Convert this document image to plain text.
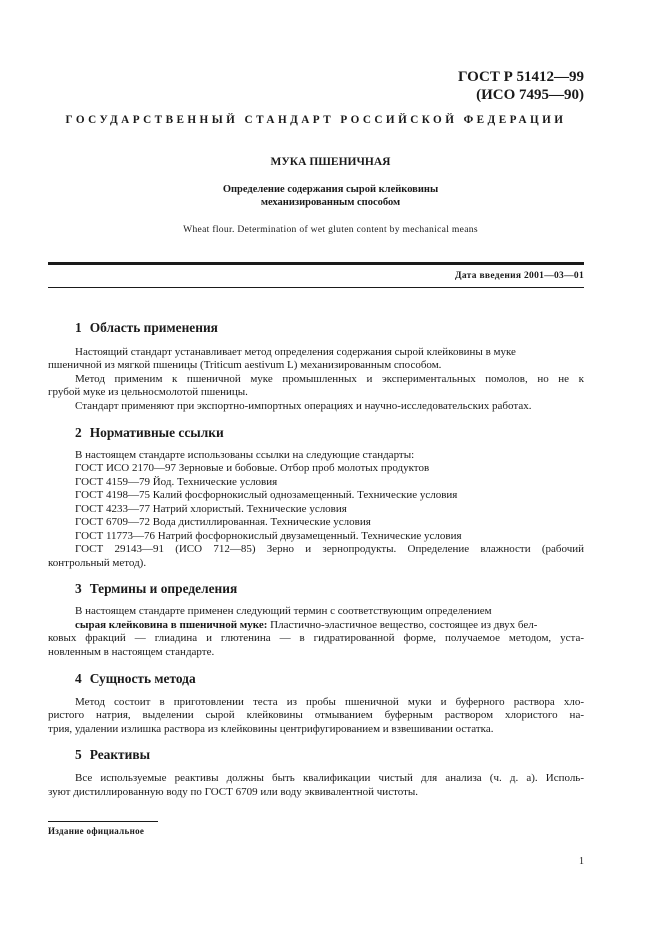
ГОСТ Р 51412—99
(ИСО 7495—90)
ГОСУДАРСТВЕННЫЙ СТАНДАРТ РОССИЙСКОЙ ФЕДЕРАЦИИ
МУКА ПШЕНИЧНАЯ
Определение содержания сырой клейковины
механизированным способом
Wheat flour. Determination of wet gluten content by mechanical means
Дата введения 2001—03—01
1 Область применения
Настоящий стандарт устанавливает метод определения содержания сырой клейковины в муке
пшеничной из мягкой пшеницы (Triticum aestivum L) механизированным способом.
Метод применим к пшеничной муке промышленных и экспериментальных помолов, но не к
грубой муке из цельносмолотой пшеницы.
Стандарт применяют при экспортно-импортных операциях и научно-исследовательских работах.
2 Нормативные ссылки
В настоящем стандарте использованы ссылки на следующие стандарты:
ГОСТ ИСО 2170—97 Зерновые и бобовые. Отбор проб молотых продуктов
ГОСТ 4159—79 Йод. Технические условия
ГОСТ 4198—75 Калий фосфорнокислый однозамещенный. Технические условия
ГОСТ 4233—77 Натрий хлористый. Технические условия
ГОСТ 6709—72 Вода дистиллированная. Технические условия
ГОСТ 11773—76 Натрий фосфорнокислый двузамещенный. Технические условия
ГОСТ 29143—91 (ИСО 712—85) Зерно и зернопродукты. Определение влажности (рабочий
контрольный метод).
3 Термины и определения
В настоящем стандарте применен следующий термин с соответствующим определением
сырая клейковина в пшеничной муке: Пластично-эластичное вещество, состоящее из двух бел-
ковых фракций — глиадина и глютенина — в гидратированной форме, получаемое методом, уста-
новленным в настоящем стандарте.
4 Сущность метода
Метод состоит в приготовлении теста из пробы пшеничной муки и буферного раствора хло-
ристого натрия, выделении сырой клейковины отмыванием буферным раствором хлористого на-
трия, удалении излишка раствора из клейковины центрифугированием и взвешивании остатка.
5 Реактивы
Все используемые реактивы должны быть квалификации чистый для анализа (ч. д. а). Исполь-
зуют дистиллированную воду по ГОСТ 6709 или воду эквивалентной чистоты.
Издание официальное
1
